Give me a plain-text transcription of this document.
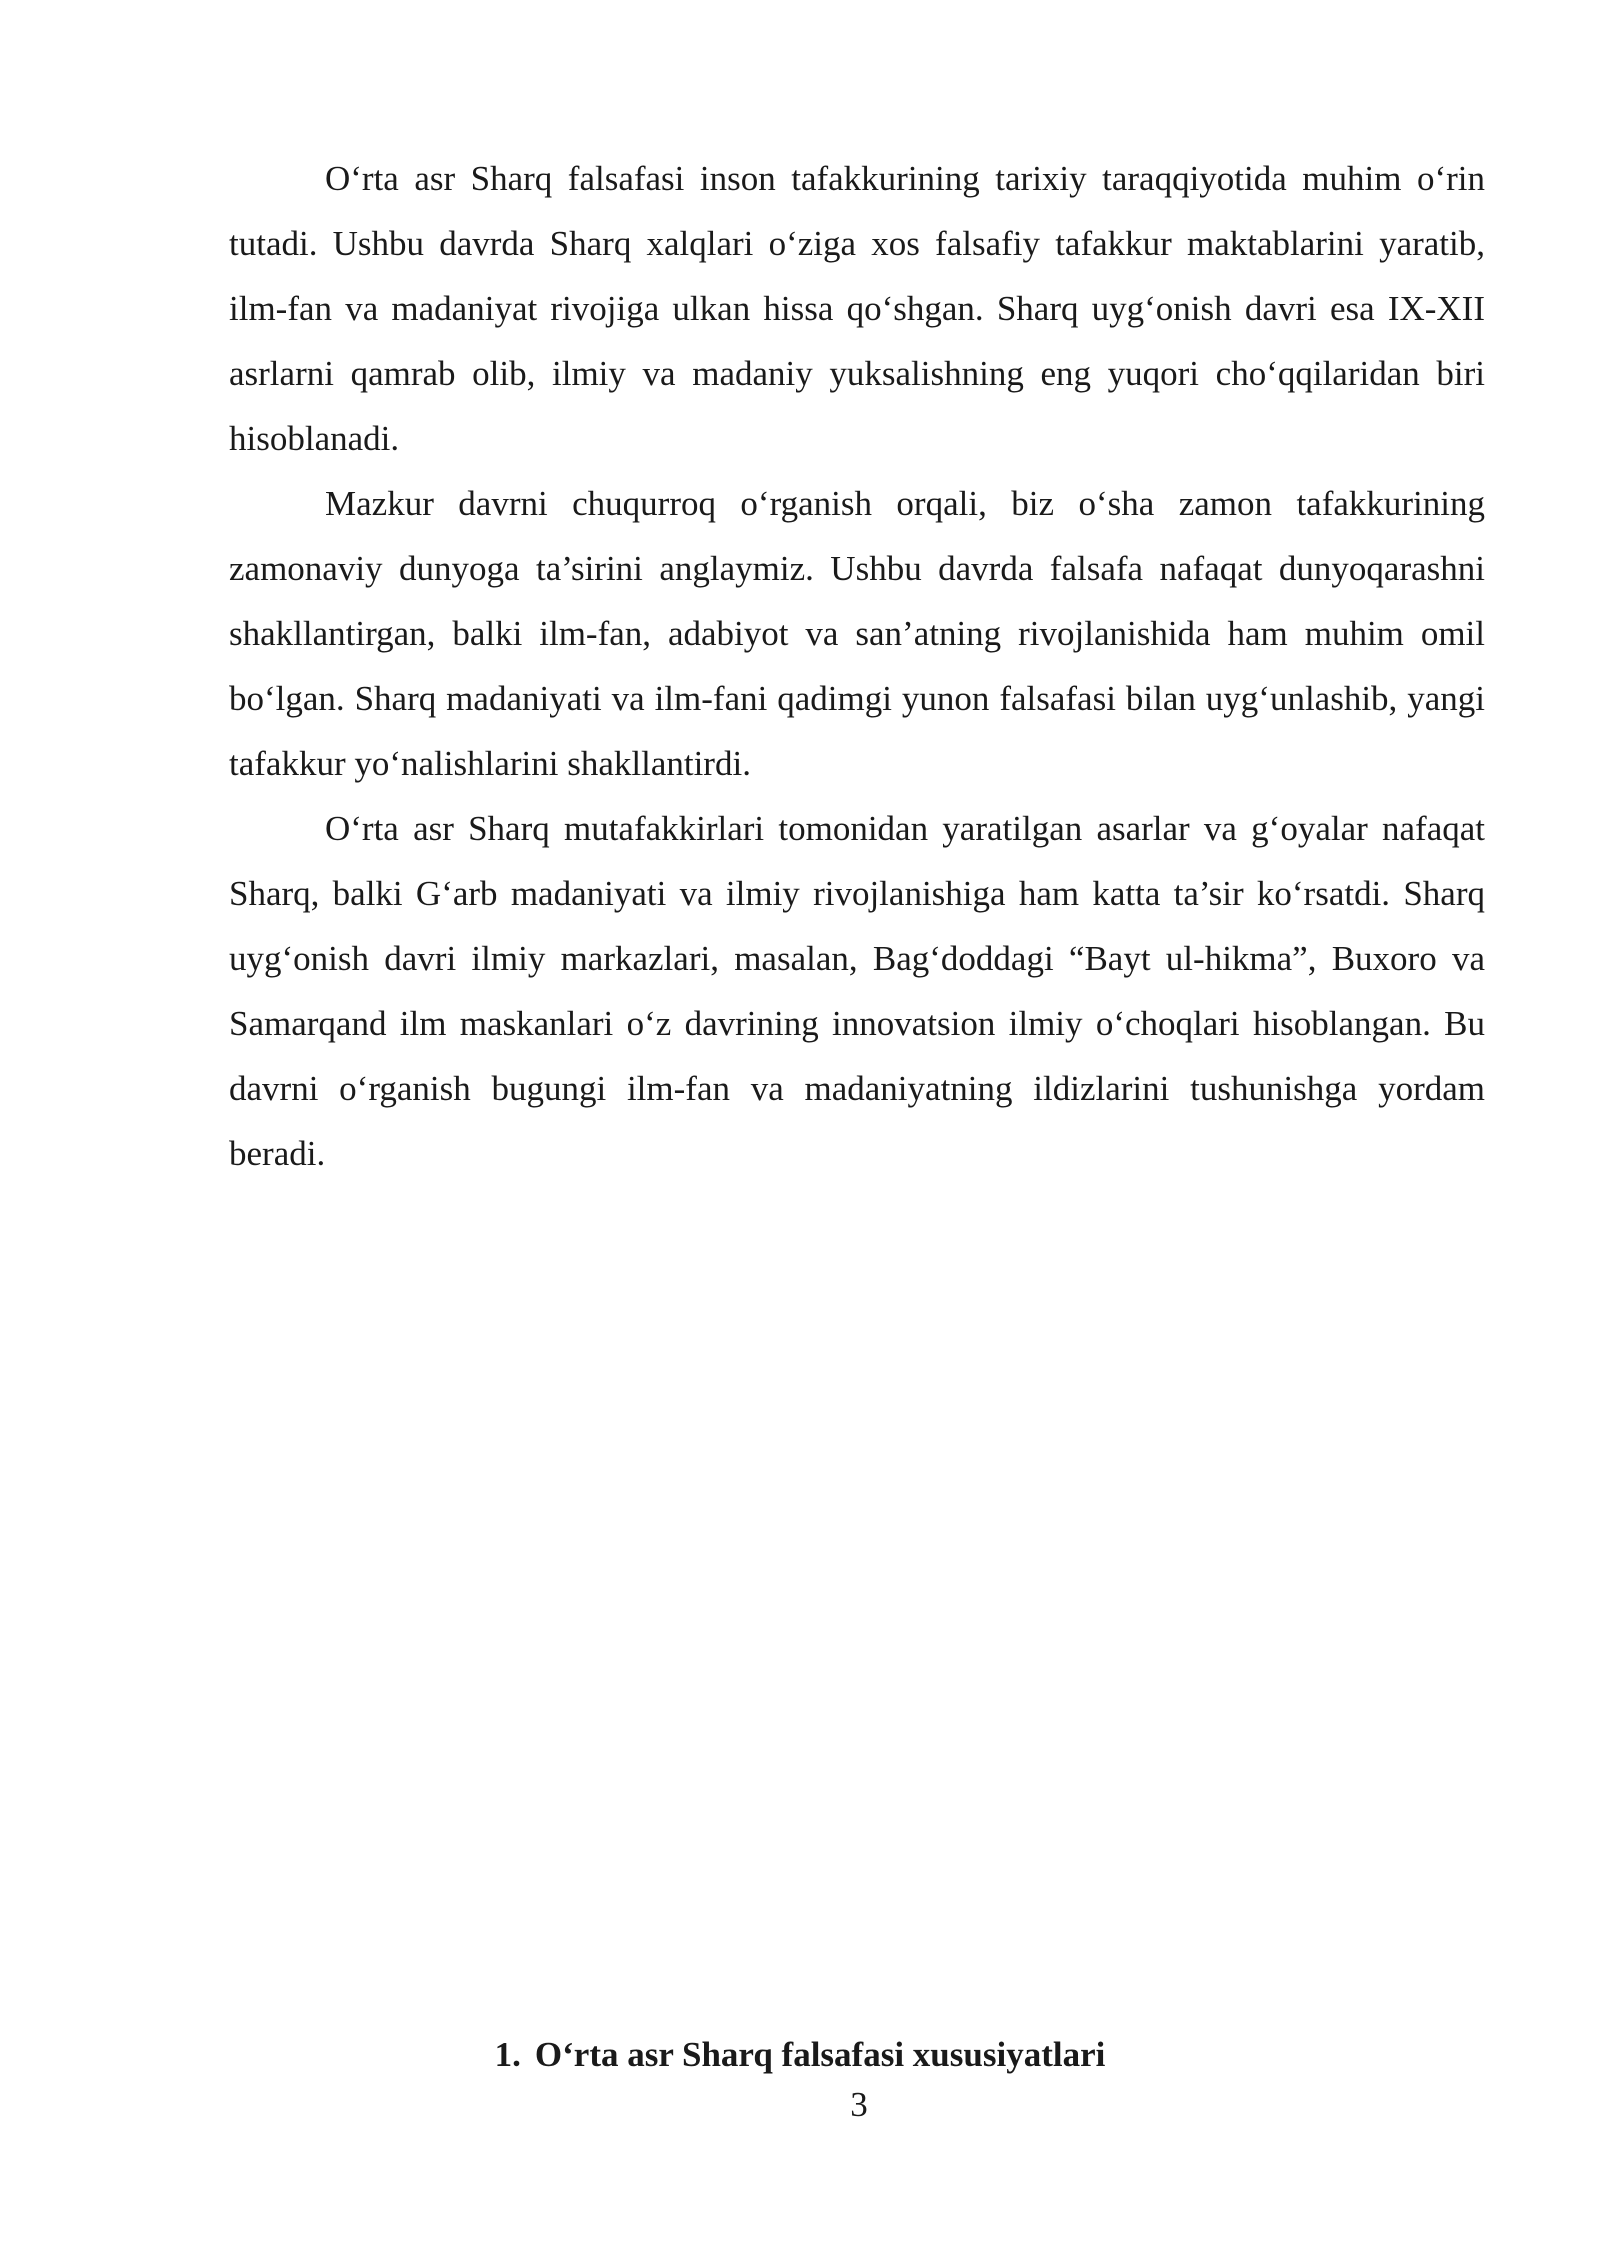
O‘rta asr Sharq falsafasi inson tafakkurining tarixiy taraqqiyotida muhim o‘rin tutadi. Ushbu davrda Sharq xalqlari o‘ziga xos falsafiy tafakkur maktablarini yaratib, ilm-fan va madaniyat rivojiga ulkan hissa qo‘shgan. Sharq uyg‘onish davri esa IX-XII asrlarni qamrab olib, ilmiy va madaniy yuksalishning eng yuqori cho‘qqilaridan biri hisoblanadi.

Mazkur davrni chuqurroq o‘rganish orqali, biz o‘sha zamon tafakkurining zamonaviy dunyoga ta’sirini anglaymiz. Ushbu davrda falsafa nafaqat dunyoqarashni shakllantirgan, balki ilm-fan, adabiyot va san’atning rivojlanishida ham muhim omil bo‘lgan. Sharq madaniyati va ilm-fani qadimgi yunon falsafasi bilan uyg‘unlashib, yangi tafakkur yo‘nalishlarini shakllantirdi.

O‘rta asr Sharq mutafakkirlari tomonidan yaratilgan asarlar va g‘oyalar nafaqat Sharq, balki G‘arb madaniyati va ilmiy rivojlanishiga ham katta ta’sir ko‘rsatdi. Sharq uyg‘onish davri ilmiy markazlari, masalan, Bag‘doddagi “Bayt ul-hikma”, Buxoro va Samarqand ilm maskanlari o‘z davrining innovatsion ilmiy o‘choqlari hisoblangan. Bu davrni o‘rganish bugungi ilm-fan va madaniyatning ildizlarini tushunishga yordam beradi.

1. O‘rta asr Sharq falsafasi xususiyatlari
3
